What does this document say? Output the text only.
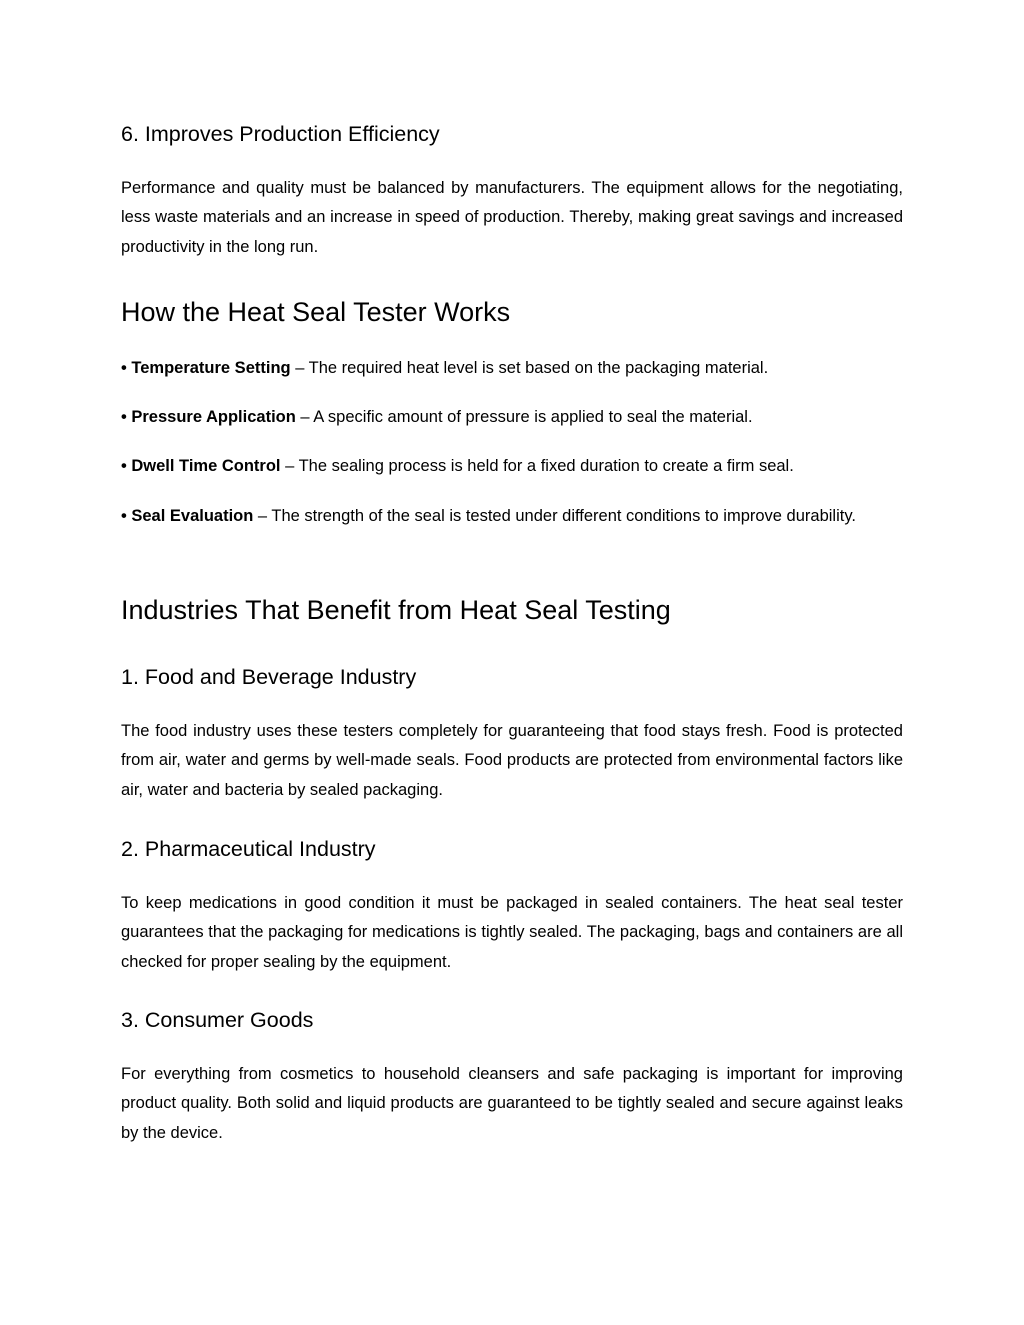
6. Improves Production Efficiency

Performance and quality must be balanced by manufacturers. The equipment allows for the negotiating, less waste materials and an increase in speed of production. Thereby, making great savings and increased productivity in the long run.

How the Heat Seal Tester Works

• Temperature Setting – The required heat level is set based on the packaging material.

• Pressure Application – A specific amount of pressure is applied to seal the material.

• Dwell Time Control – The sealing process is held for a fixed duration to create a firm seal.

• Seal Evaluation – The strength of the seal is tested under different conditions to improve durability.

Industries That Benefit from Heat Seal Testing
1. Food and Beverage Industry

The food industry uses these testers completely for guaranteeing that food stays fresh. Food is protected from air, water and germs by well-made seals. Food products are protected from environmental factors like air, water and bacteria by sealed packaging.

2. Pharmaceutical Industry

To keep medications in good condition it must be packaged in sealed containers. The heat seal tester guarantees that the packaging for medications is tightly sealed. The packaging, bags and containers are all checked for proper sealing by the equipment.

3. Consumer Goods

For everything from cosmetics to household cleansers and safe packaging is important for improving product quality. Both solid and liquid products are guaranteed to be tightly sealed and secure against leaks by the device.
